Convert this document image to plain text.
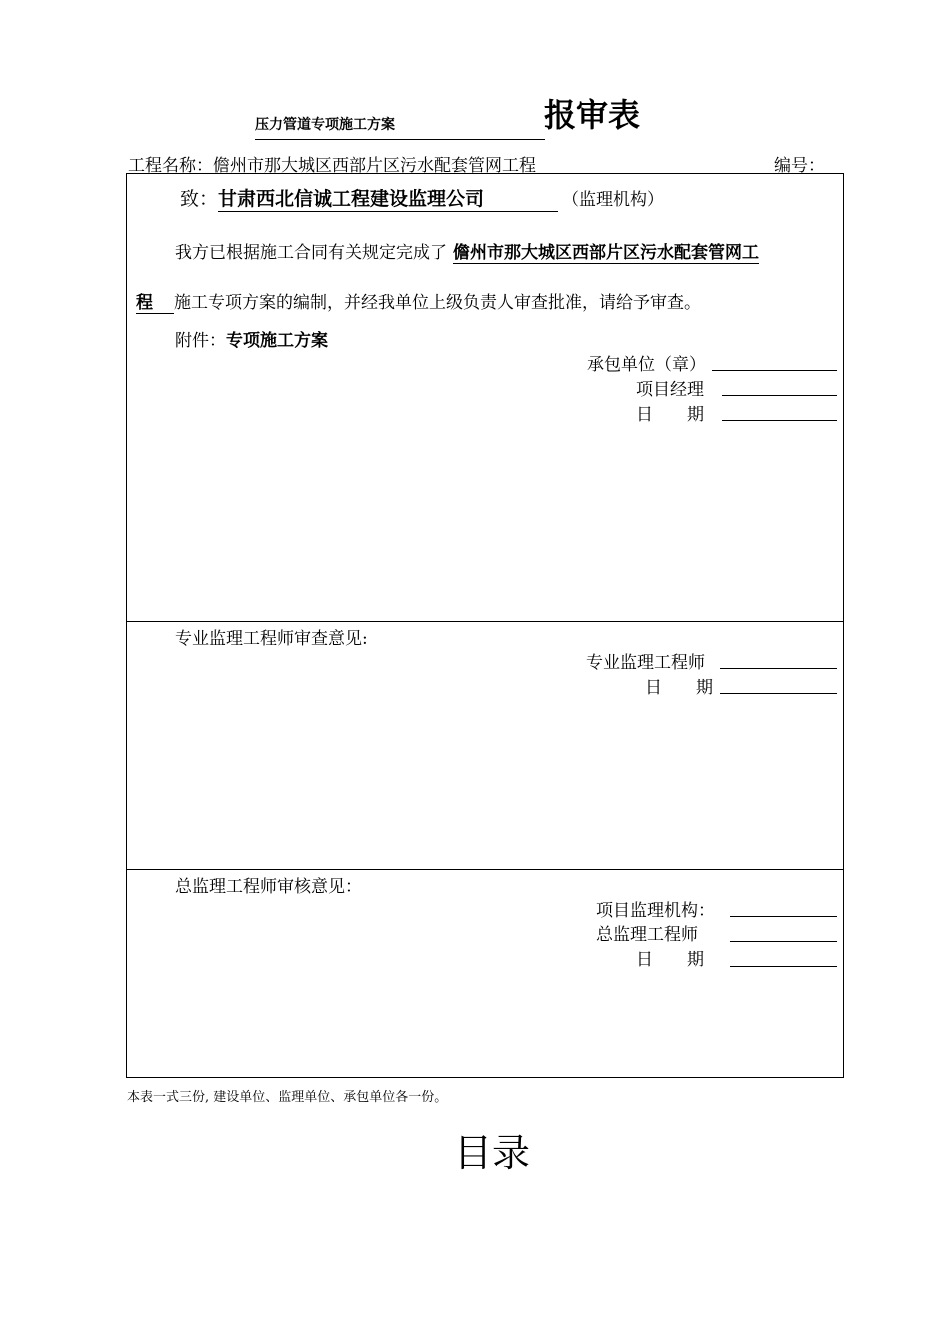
压力管道专项施工方案	报审表
工程名称：儋州市那大城区西部片区污水配套管网工程	编号：
致：甘肃西北信诚工程建设监理公司	（监理机构）
我方已根据施工合同有关规定完成了 儋州市那大城区西部片区污水配套管网工
程 施工专项方案的编制，并经我单位上级负责人审查批准，请给予审查。
附件：专项施工方案
承包单位（章）
项目经理
日　　期
专业监理工程师审查意见:
专业监理工程师
日　　期
总监理工程师审核意见：
项目监理机构：
总监理工程师
日　　期
本表一式三份, 建设单位、监理单位、承包单位各一份。
目录
